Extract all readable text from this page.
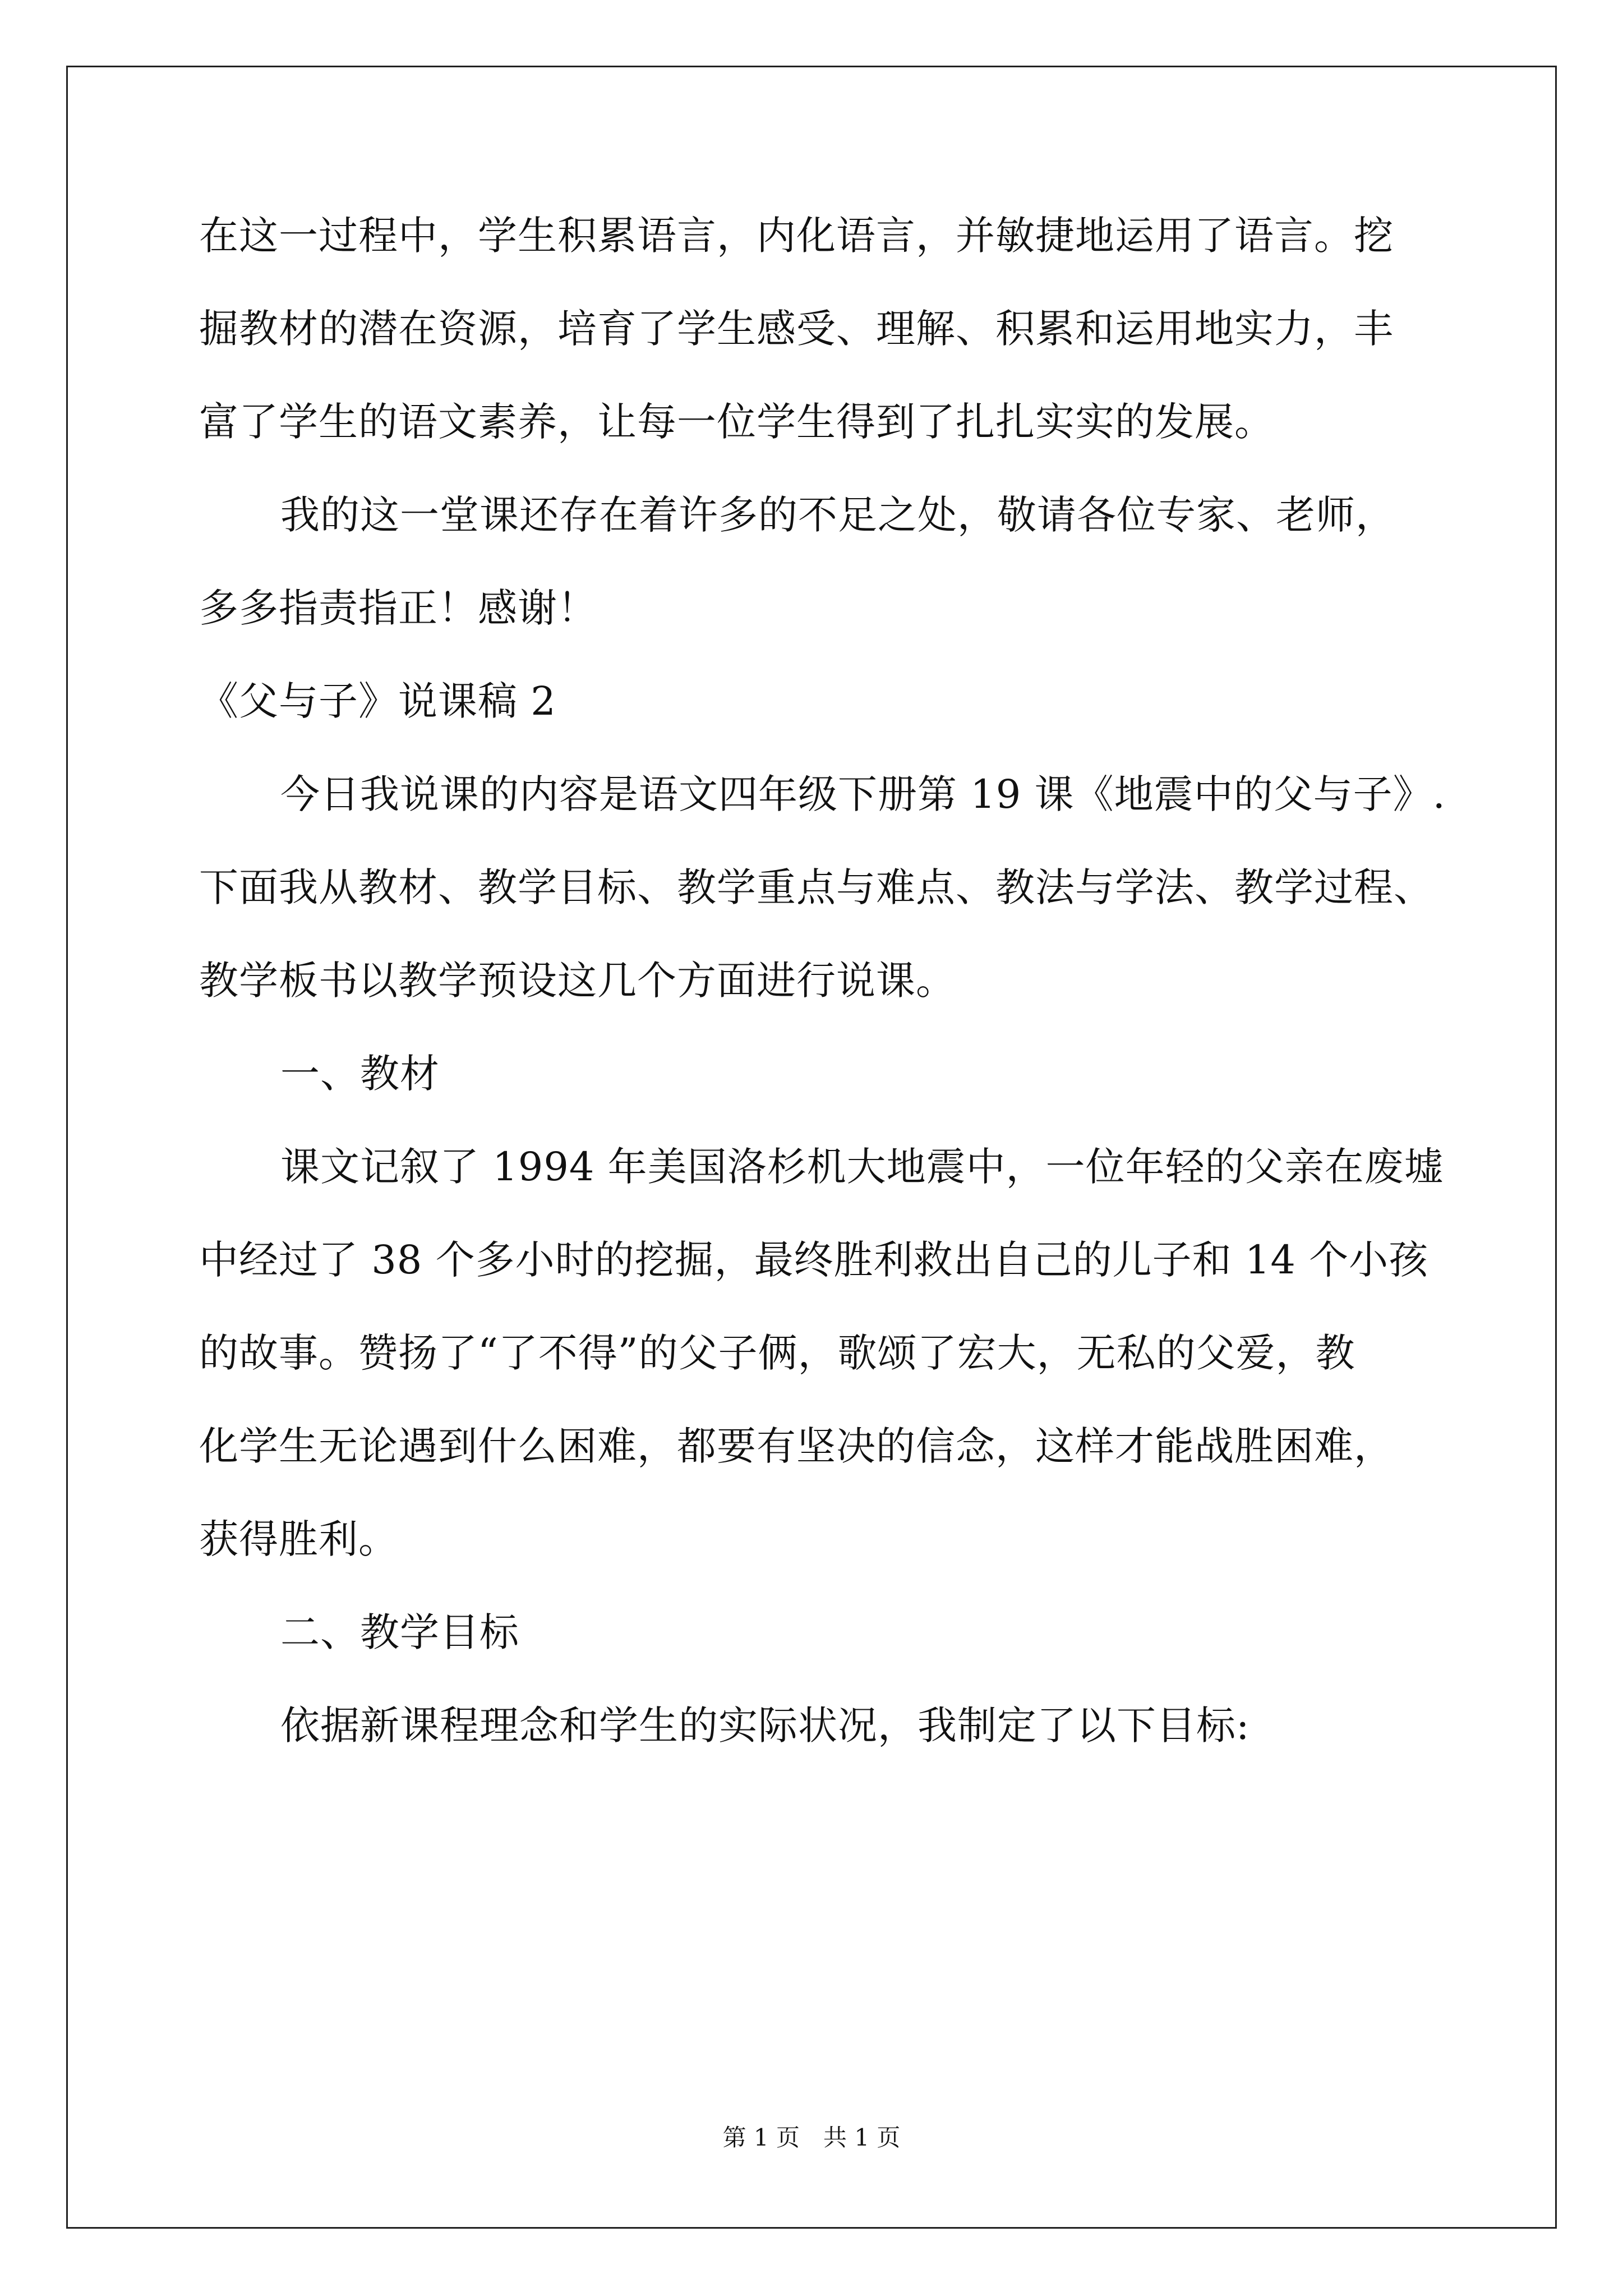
在这一过程中，学生积累语言，内化语言，并敏捷地运用了语言。挖
掘教材的潜在资源，培育了学生感受、理解、积累和运用地实力，丰
富了学生的语文素养，让每一位学生得到了扎扎实实的发展。
我的这一堂课还存在着许多的不足之处，敬请各位专家、老师，
多多指责指正！感谢！
《父与子》说课稿 2
今日我说课的内容是语文四年级下册第 19 课《地震中的父与子》.
下面我从教材、教学目标、教学重点与难点、教法与学法、教学过程、
教学板书以教学预设这几个方面进行说课。
一、教材
课文记叙了 1994 年美国洛杉机大地震中，一位年轻的父亲在废墟
中经过了 38 个多小时的挖掘，最终胜利救出自己的儿子和 14 个小孩
的故事。赞扬了“了不得”的父子俩，歌颂了宏大，无私的父爱，教
化学生无论遇到什么困难，都要有坚决的信念，这样才能战胜困难，
获得胜利。
二、教学目标
依据新课程理念和学生的实际状况，我制定了以下目标:
第 1 页　共 1 页
